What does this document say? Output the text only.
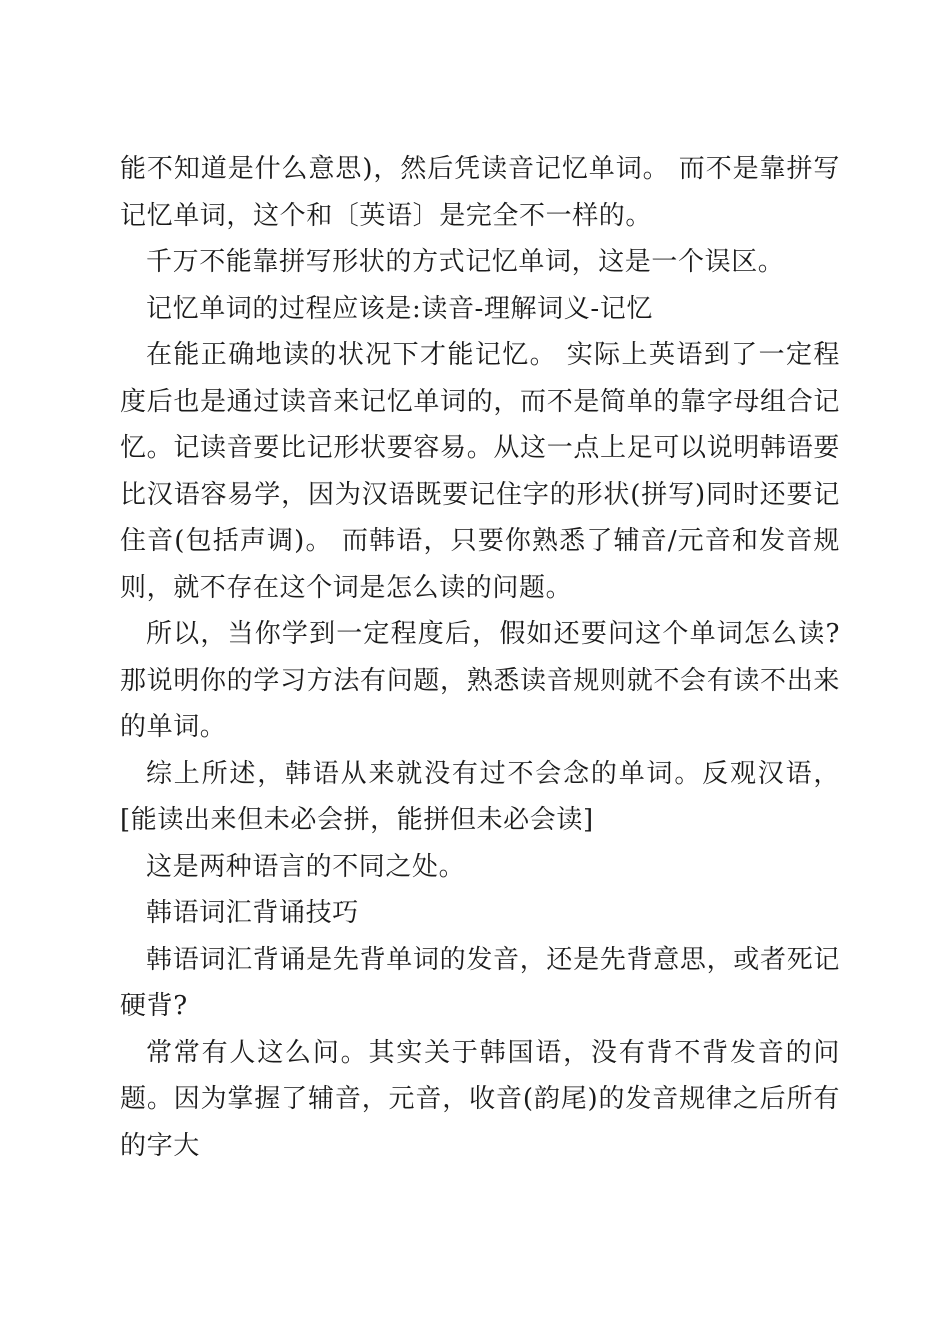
能不知道是什么意思)，然后凭读音记忆单词。 而不是靠拼写记忆单词，这个和〔英语〕是完全不一样的。

千万不能靠拼写形状的方式记忆单词，这是一个误区。

记忆单词的过程应该是:读音-理解词义-记忆

在能正确地读的状况下才能记忆。 实际上英语到了一定程度后也是通过读音来记忆单词的，而不是简单的靠字母组合记忆。记读音要比记形状要容易。从这一点上足可以说明韩语要比汉语容易学，因为汉语既要记住字的形状(拼写)同时还要记住音(包括声调)。 而韩语，只要你熟悉了辅音/元音和发音规则，就不存在这个词是怎么读的问题。

所以，当你学到一定程度后，假如还要问这个单词怎么读? 那说明你的学习方法有问题，熟悉读音规则就不会有读不出来的单词。

综上所述，韩语从来就没有过不会念的单词。反观汉语，[能读出来但未必会拼，能拼但未必会读]

这是两种语言的不同之处。

韩语词汇背诵技巧

韩语词汇背诵是先背单词的发音，还是先背意思，或者死记硬背?

常常有人这么问。其实关于韩国语，没有背不背发音的问题。因为掌握了辅音，元音，收音(韵尾)的发音规律之后所有的字大
